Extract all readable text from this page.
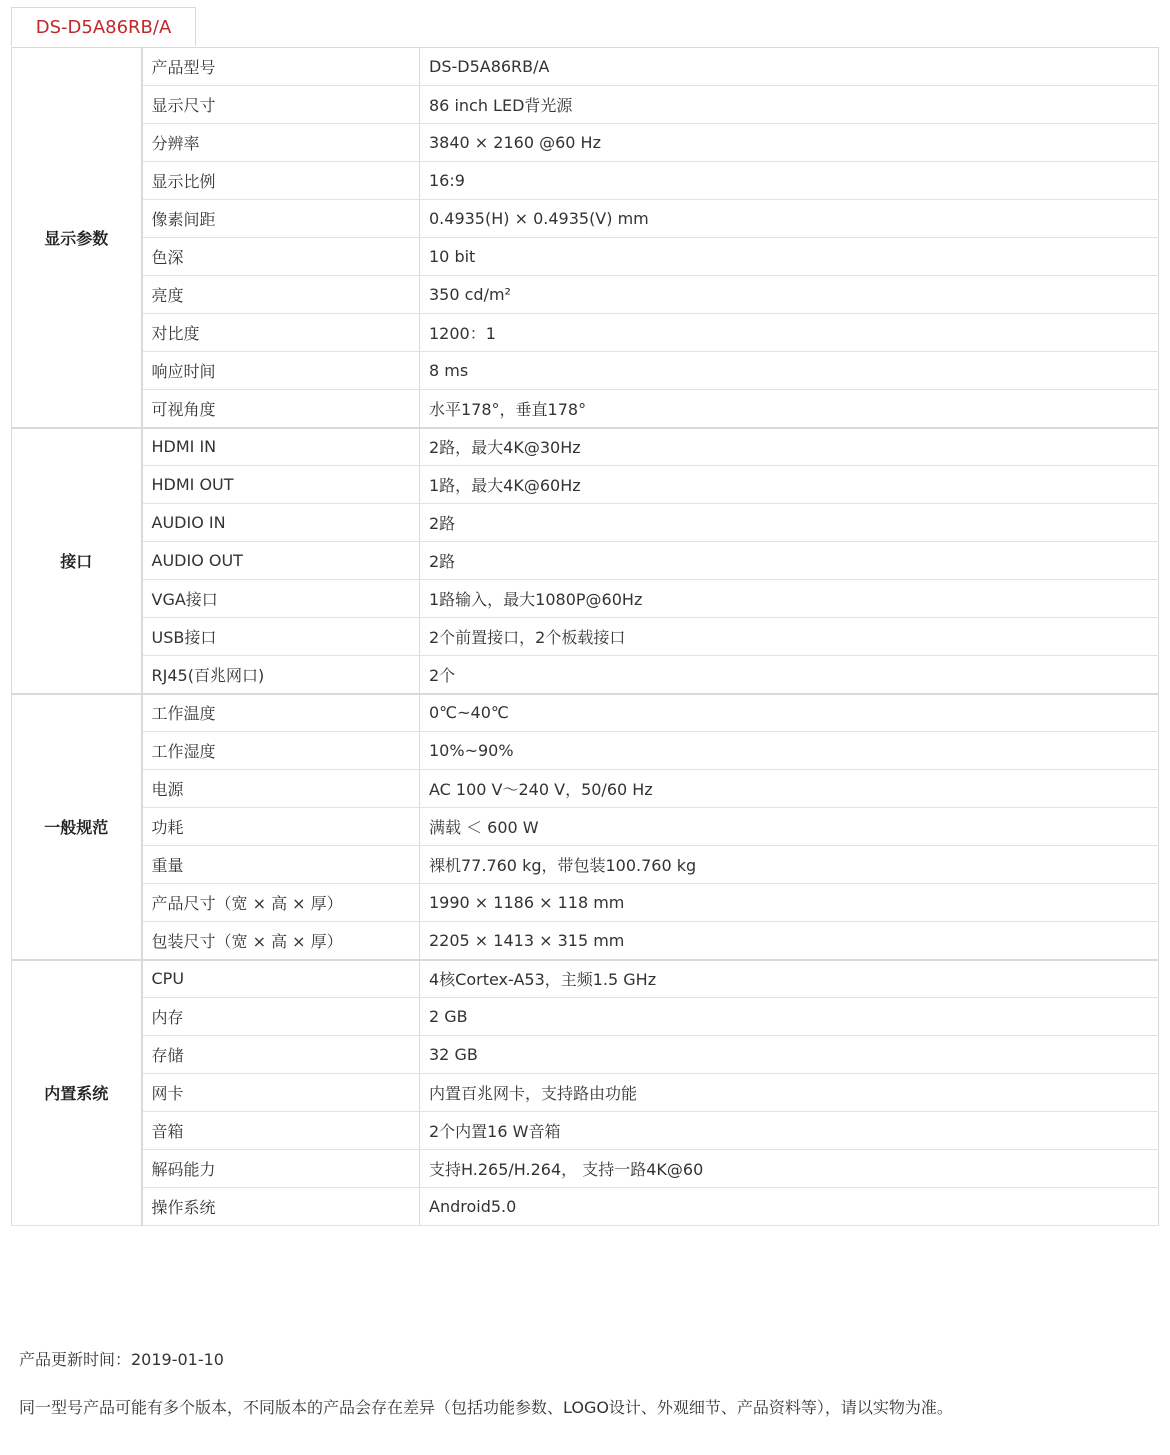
DS-D5A86RB/A
显示参数	产品型号	DS-D5A86RB/A
	显示尺寸	86 inch LED背光源
	分辨率	3840 × 2160 @60 Hz
	显示比例	16:9
	像素间距	0.4935(H) × 0.4935(V) mm
	色深	10 bit
	亮度	350 cd/m²
	对比度	1200：1
	响应时间	8 ms
	可视角度	水平178°，垂直178°
接口	HDMI IN	2路，最大4K@30Hz
	HDMI OUT	1路，最大4K@60Hz
	AUDIO IN	2路
	AUDIO OUT	2路
	VGA接口	1路输入，最大1080P@60Hz
	USB接口	2个前置接口，2个板载接口
	RJ45(百兆网口)	2个
一般规范	工作温度	0℃~40℃
	工作湿度	10%~90%
	电源	AC 100 V～240 V，50/60 Hz
	功耗	满载 ＜ 600 W
	重量	裸机77.760 kg，带包装100.760 kg
	产品尺寸（宽 × 高 × 厚）	1990 × 1186 × 118 mm
	包装尺寸（宽 × 高 × 厚）	2205 × 1413 × 315 mm
内置系统	CPU	4核Cortex-A53，主频1.5 GHz
	内存	2 GB
	存储	32 GB
	网卡	内置百兆网卡，支持路由功能
	音箱	2个内置16 W音箱
	解码能力	支持H.265/H.264， 支持一路4K@60
	操作系统	Android5.0
产品更新时间：2019-01-10
同一型号产品可能有多个版本，不同版本的产品会存在差异（包括功能参数、LOGO设计、外观细节、产品资料等），请以实物为准。
